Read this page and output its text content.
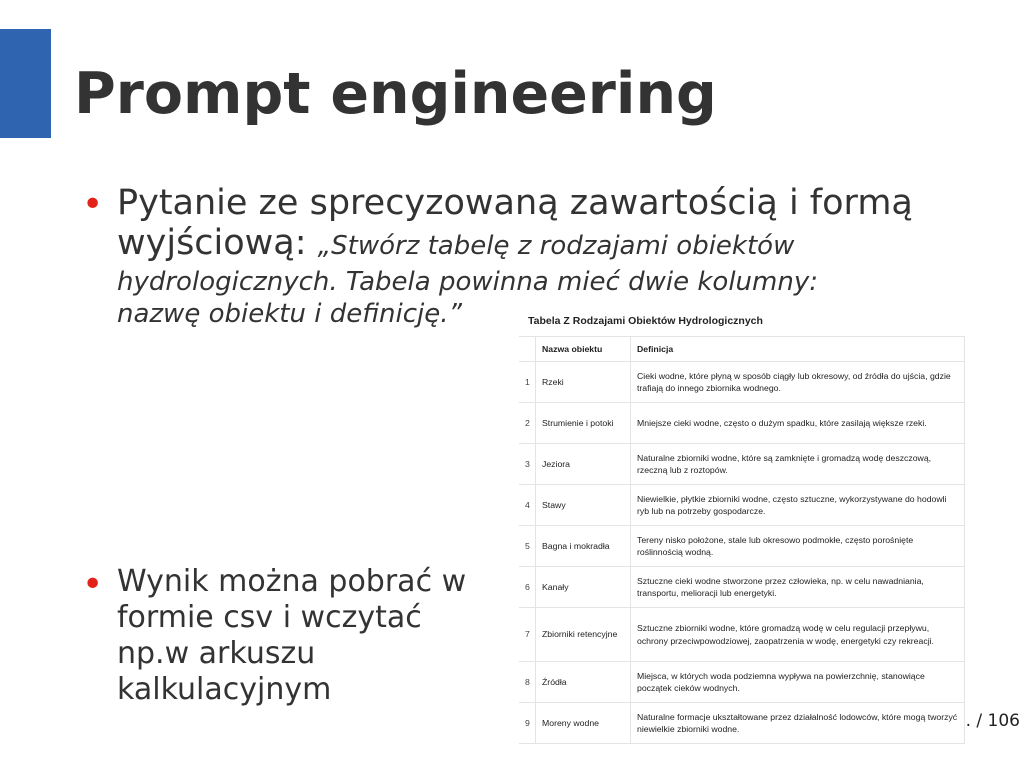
Prompt engineering
• Pytanie ze sprecyzowaną zawartością i formą
wyjściową: „Stwórz tabelę z rodzajami obiektów
hydrologicznych. Tabela powinna mieć dwie kolumny:
nazwę obiektu i definicję.”
• Wynik można pobrać w
formie csv i wczytać
np.w arkuszu
kalkulacyjnym
Tabela Z Rodzajami Obiektów Hydrologicznych
	Nazwa obiektu	Definicja
1	Rzeki	Cieki wodne, które płyną w sposób ciągły lub okresowy, od źródła do ujścia, gdzie trafiają do innego zbiornika wodnego.
2	Strumienie i potoki	Mniejsze cieki wodne, często o dużym spadku, które zasilają większe rzeki.
3	Jeziora	Naturalne zbiorniki wodne, które są zamknięte i gromadzą wodę deszczową, rzeczną lub z roztopów.
4	Stawy	Niewielkie, płytkie zbiorniki wodne, często sztuczne, wykorzystywane do hodowli ryb lub na potrzeby gospodarcze.
5	Bagna i mokradła	Tereny nisko położone, stale lub okresowo podmokłe, często porośnięte roślinnością wodną.
6	Kanały	Sztuczne cieki wodne stworzone przez człowieka, np. w celu nawadniania, transportu, melioracji lub energetyki.
7	Zbiorniki retencyjne	Sztuczne zbiorniki wodne, które gromadzą wodę w celu regulacji przepływu, ochrony przeciwpowodziowej, zaopatrzenia w wodę, energetyki czy rekreacji.
8	Źródła	Miejsca, w których woda podziemna wypływa na powierzchnię, stanowiące początek cieków wodnych.
9	Moreny wodne	Naturalne formacje ukształtowane przez działalność lodowców, które mogą tworzyć niewielkie zbiorniki wodne.	. / 106
